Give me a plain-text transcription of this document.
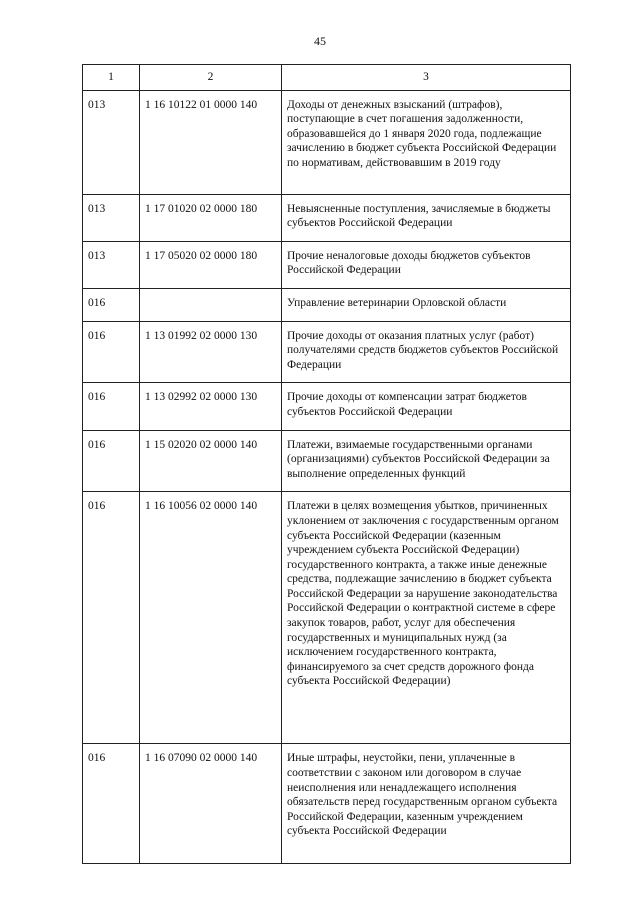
45
1	2	3
013	1 16 10122 01 0000 140	Доходы от денежных взысканий (штрафов), поступающие в счет погашения задолженности, образовавшейся до 1 января 2020 года, подлежащие зачислению в бюджет субъекта Российской Федерации по нормативам, действовавшим в 2019 году
013	1 17 01020 02 0000 180	Невыясненные поступления, зачисляемые в бюджеты субъектов Российской Федерации
013	1 17 05020 02 0000 180	Прочие неналоговые доходы бюджетов субъектов Российской Федерации
016		Управление ветеринарии Орловской области
016	1 13 01992 02 0000 130	Прочие доходы от оказания платных услуг (работ) получателями средств бюджетов субъектов Российской Федерации
016	1 13 02992 02 0000 130	Прочие доходы от компенсации затрат бюджетов субъектов Российской Федерации
016	1 15 02020 02 0000 140	Платежи, взимаемые государственными органами (организациями) субъектов Российской Федерации за выполнение определенных функций
016	1 16 10056 02 0000 140	Платежи в целях возмещения убытков, причиненных уклонением от заключения с государственным органом субъекта Российской Федерации (казенным учреждением субъекта Российской Федерации) государственного контракта, а также иные денежные средства, подлежащие зачислению в бюджет субъекта Российской Федерации за нарушение законодательства Российской Федерации о контрактной системе в сфере закупок товаров, работ, услуг для обеспечения государственных и муниципальных нужд (за исключением государственного контракта, финансируемого за счет средств дорожного фонда субъекта Российской Федерации)
016	1 16 07090 02 0000 140	Иные штрафы, неустойки, пени, уплаченные в соответствии с законом или договором в случае неисполнения или ненадлежащего исполнения обязательств перед государственным органом субъекта Российской Федерации, казенным учреждением субъекта Российской Федерации
